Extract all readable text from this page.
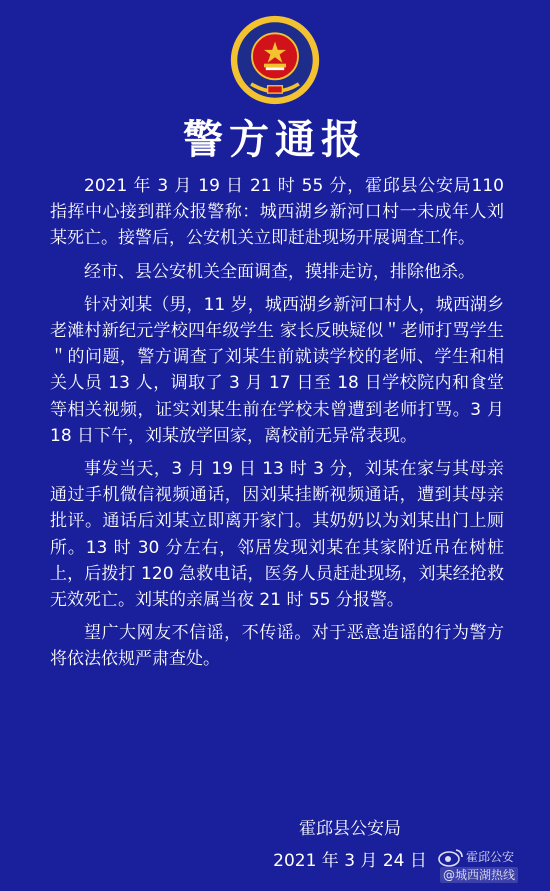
警方通报

2021 年 3 月 19 日 21 时 55 分，霍邱县公安局110 指挥中心接到群众报警称：城西湖乡新河口村一未成年人刘某死亡。接警后，公安机关立即赶赴现场开展调查工作。

经市、县公安机关全面调查，摸排走访，排除他杀。

针对刘某（男，11 岁，城西湖乡新河口村人，城西湖乡老滩村新纪元学校四年级学生 家长反映疑似＂老师打骂学生＂的问题，警方调查了刘某生前就读学校的老师、学生和相关人员 13 人，调取了 3 月 17 日至 18 日学校院内和食堂等相关视频，证实刘某生前在学校未曾遭到老师打骂。3 月 18 日下午，刘某放学回家，离校前无异常表现。

事发当天，3 月 19 日 13 时 3 分，刘某在家与其母亲通过手机微信视频通话，因刘某挂断视频通话，遭到其母亲批评。通话后刘某立即离开家门。其奶奶以为刘某出门上厕所。13 时 30 分左右，邻居发现刘某在其家附近吊在树桩上，后拨打 120 急救电话，医务人员赶赴现场，刘某经抢救无效死亡。刘某的亲属当夜 21 时 55 分报警。

望广大网友不信谣，不传谣。对于恶意造谣的行为警方将依法依规严肃查处。

霍邱县公安局
2021 年 3 月 24 日	霍邱公安
@城西湖热线
